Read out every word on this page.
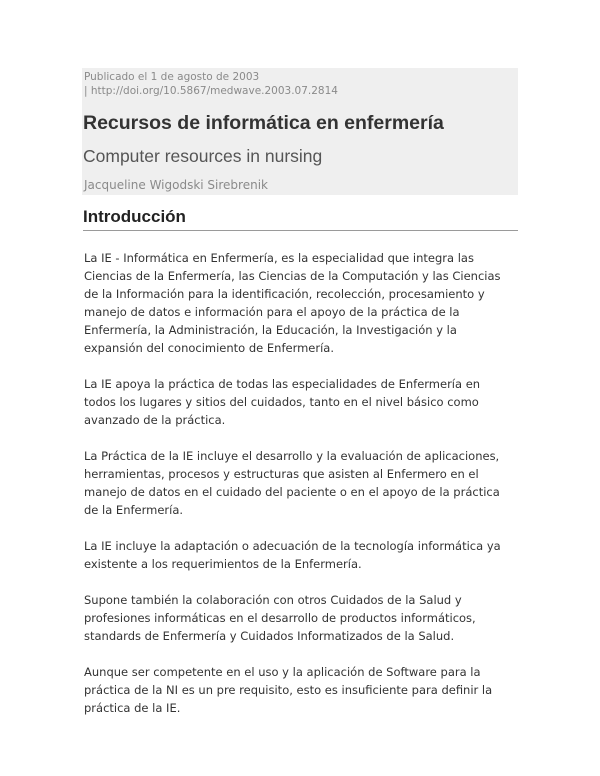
Publicado el 1 de agosto de 2003
| http://doi.org/10.5867/medwave.2003.07.2814
Recursos de informática en enfermería
Computer resources in nursing
Jacqueline Wigodski Sirebrenik
Introducción

La IE - Informática en Enfermería, es la especialidad que integra las Ciencias de la Enfermería, las Ciencias de la Computación y las Ciencias de la Información para la identificación, recolección, procesamiento y manejo de datos e información para el apoyo de la práctica de la Enfermería, la Administración, la Educación, la Investigación y la expansión del conocimiento de Enfermería.

La IE apoya la práctica de todas las especialidades de Enfermería en todos los lugares y sitios del cuidados, tanto en el nivel básico como avanzado de la práctica.

La Práctica de la IE incluye el desarrollo y la evaluación de aplicaciones, herramientas, procesos y estructuras que asisten al Enfermero en el manejo de datos en el cuidado del paciente o en el apoyo de la práctica de la Enfermería.

La IE incluye la adaptación o adecuación de la tecnología informática ya existente a los requerimientos de la Enfermería.

Supone también la colaboración con otros Cuidados de la Salud y profesiones informáticas en el desarrollo de productos informáticos, standards de Enfermería y Cuidados Informatizados de la Salud.

Aunque ser competente en el uso y la aplicación de Software para la práctica de la NI es un pre requisito, esto es insuficiente para definir la práctica de la IE.
